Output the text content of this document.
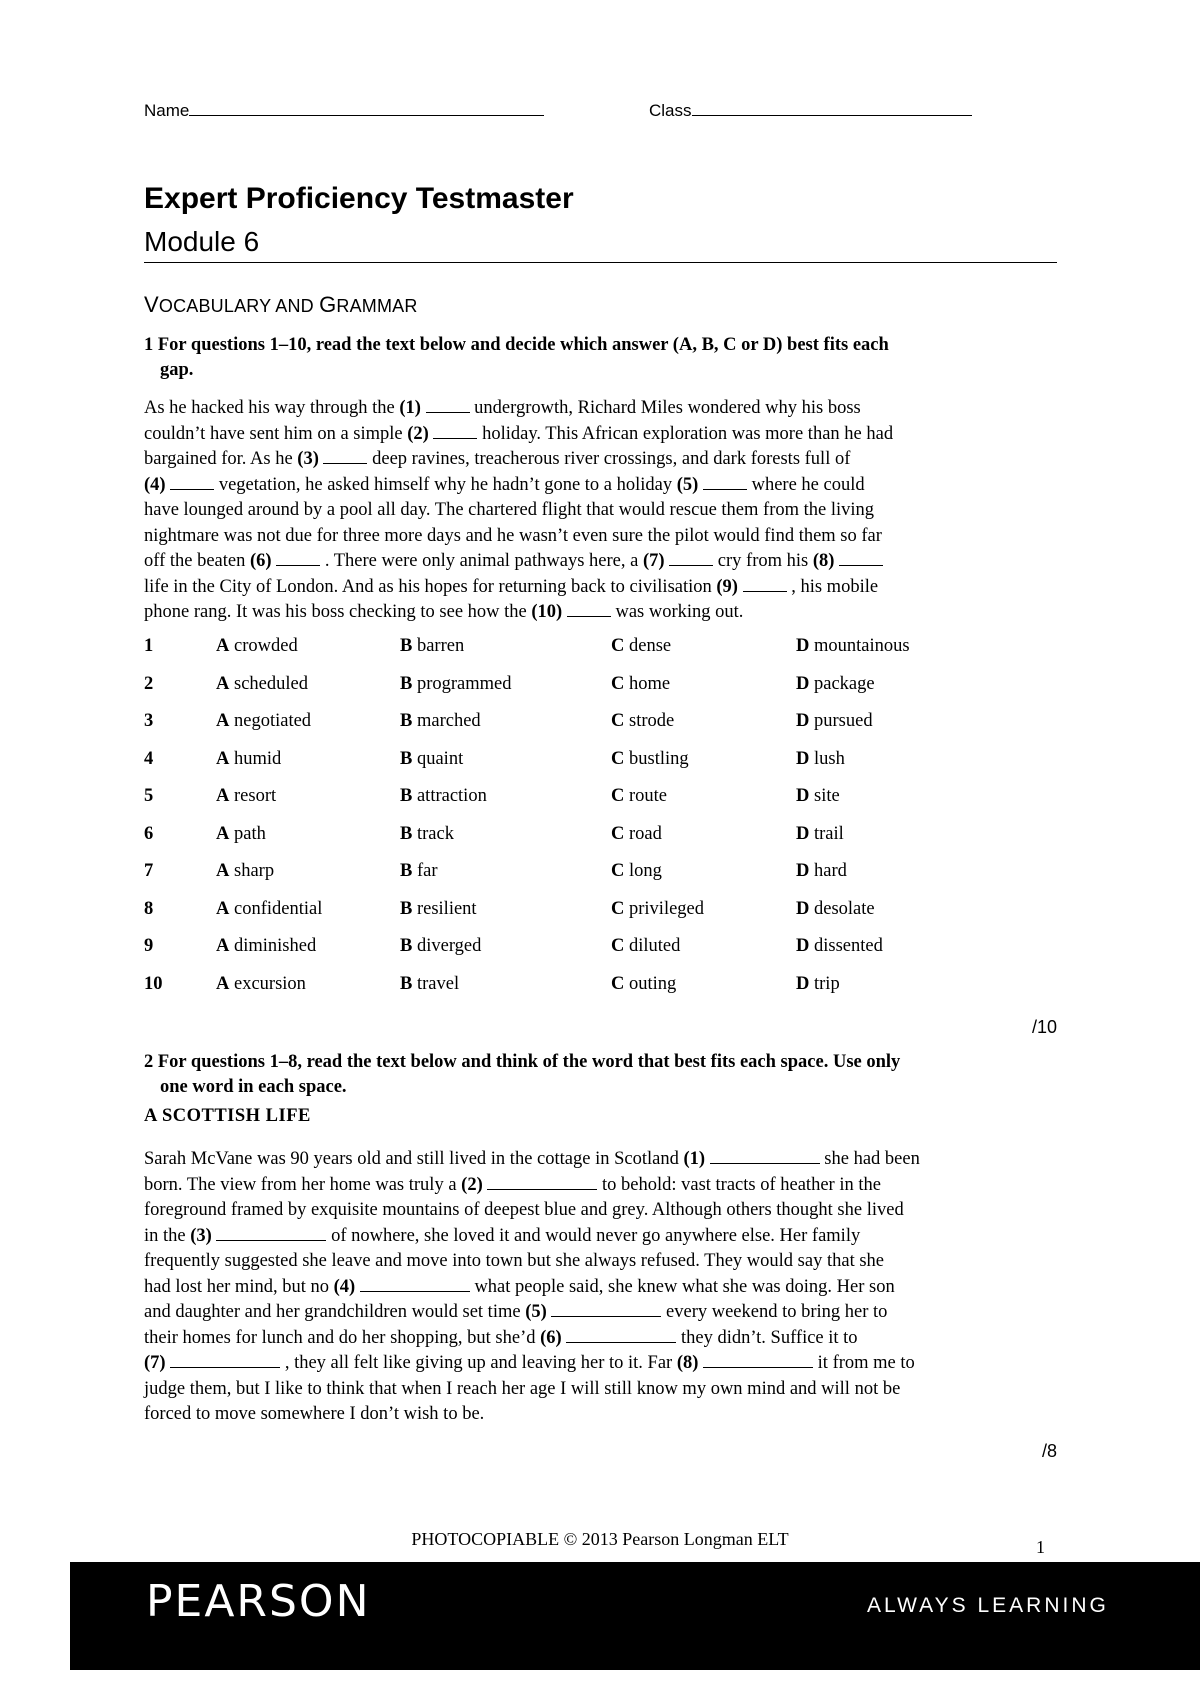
Name	Class
Expert Proficiency Testmaster
Module 6
VOCABULARY AND GRAMMAR
1 For questions 1–10, read the text below and decide which answer (A, B, C or D) best fits each
gap.
As he hacked his way through the (1)	undergrowth, Richard Miles wondered why his boss
couldn’t have sent him on a simple (2)	holiday. This African exploration was more than he had
bargained for. As he (3)	deep ravines, treacherous river crossings, and dark forests full of
(4)	vegetation, he asked himself why he hadn’t gone to a holiday (5)	where he could
have lounged around by a pool all day. The chartered flight that would rescue them from the living
nightmare was not due for three more days and he wasn’t even sure the pilot would find them so far
off the beaten (6)	. There were only animal pathways here, a (7)	cry from his (8)
life in the City of London. And as his hopes for returning back to civilisation (9)	, his mobile
phone rang. It was his boss checking to see how the (10)	was working out.
1	A crowded	B barren	C dense	D mountainous
2	A scheduled	B programmed	C home	D package
3	A negotiated	B marched	C strode	D pursued
4	A humid	B quaint	C bustling	D lush
5	A resort	B attraction	C route	D site
6	A path	B track	C road	D trail
7	A sharp	B far	C long	D hard
8	A confidential	B resilient	C privileged	D desolate
9	A diminished	B diverged	C diluted	D dissented
10	A excursion	B travel	C outing	D trip
/10
2 For questions 1–8, read the text below and think of the word that best fits each space. Use only
one word in each space.
A SCOTTISH LIFE
Sarah McVane was 90 years old and still lived in the cottage in Scotland (1)	she had been
born. The view from her home was truly a (2)	to behold: vast tracts of heather in the
foreground framed by exquisite mountains of deepest blue and grey. Although others thought she lived
in the (3)	of nowhere, she loved it and would never go anywhere else. Her family
frequently suggested she leave and move into town but she always refused. They would say that she
had lost her mind, but no (4)	what people said, she knew what she was doing. Her son
and daughter and her grandchildren would set time (5)	every weekend to bring her to
their homes for lunch and do her shopping, but she’d (6)	they didn’t. Suffice it to
(7)	, they all felt like giving up and leaving her to it. Far (8)	it from me to
judge them, but I like to think that when I reach her age I will still know my own mind and will not be
forced to move somewhere I don’t wish to be.
/8
PHOTOCOPIABLE © 2013 Pearson Longman ELT	1
PEARSON	ALWAYS LEARNING
